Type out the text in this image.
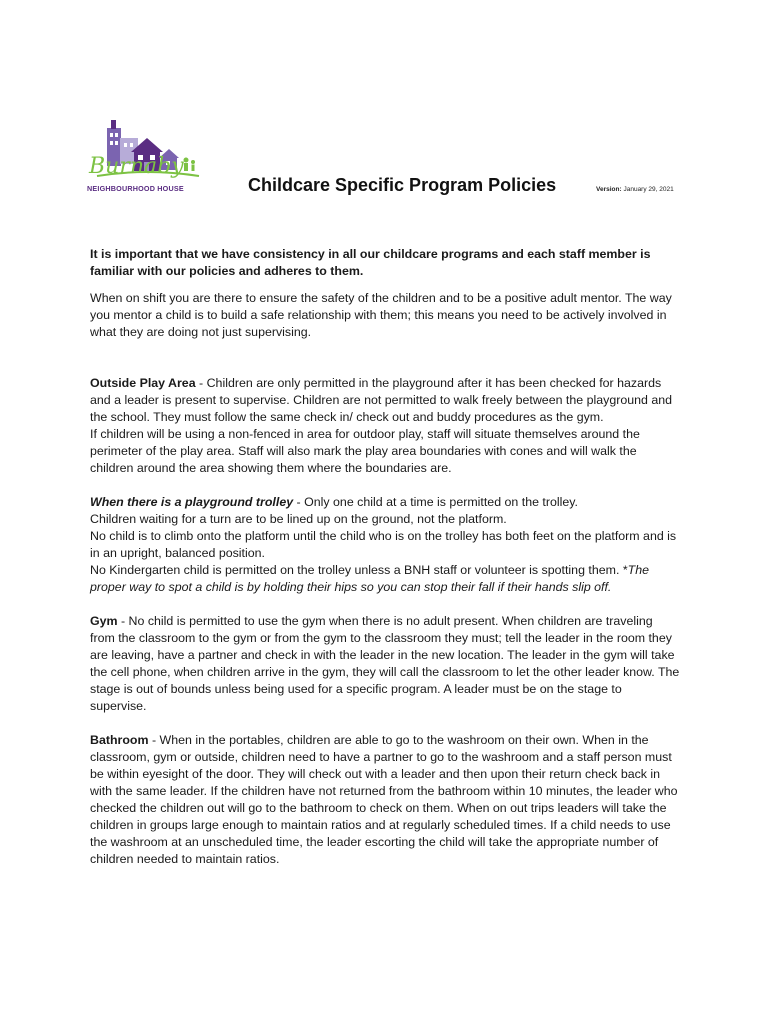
Burnaby
NEIGHBOURHOOD HOUSE	Childcare Specific Program Policies	Version: January 29, 2021

It is important that we have consistency in all our childcare programs and each staff member is familiar with our policies and adheres to them.

When on shift you are there to ensure the safety of the children and to be a positive adult mentor. The way you mentor a child is to build a safe relationship with them; this means you need to be actively involved in what they are doing not just supervising.

Outside Play Area - Children are only permitted in the playground after it has been checked for hazards and a leader is present to supervise. Children are not permitted to walk freely between the playground and the school. They must follow the same check in/ check out and buddy procedures as the gym.
If children will be using a non-fenced in area for outdoor play, staff will situate themselves around the perimeter of the play area. Staff will also mark the play area boundaries with cones and will walk the children around the area showing them where the boundaries are.

When there is a playground trolley - Only one child at a time is permitted on the trolley.
Children waiting for a turn are to be lined up on the ground, not the platform.
No child is to climb onto the platform until the child who is on the trolley has both feet on the platform and is in an upright, balanced position.
No Kindergarten child is permitted on the trolley unless a BNH staff or volunteer is spotting them. *The proper way to spot a child is by holding their hips so you can stop their fall if their hands slip off.

Gym - No child is permitted to use the gym when there is no adult present. When children are traveling from the classroom to the gym or from the gym to the classroom they must; tell the leader in the room they are leaving, have a partner and check in with the leader in the new location. The leader in the gym will take the cell phone, when children arrive in the gym, they will call the classroom to let the other leader know. The stage is out of bounds unless being used for a specific program. A leader must be on the stage to supervise.

Bathroom - When in the portables, children are able to go to the washroom on their own. When in the classroom, gym or outside, children need to have a partner to go to the washroom and a staff person must be within eyesight of the door. They will check out with a leader and then upon their return check back in with the same leader. If the children have not returned from the bathroom within 10 minutes, the leader who checked the children out will go to the bathroom to check on them. When on out trips leaders will take the children in groups large enough to maintain ratios and at regularly scheduled times. If a child needs to use the washroom at an unscheduled time, the leader escorting the child will take the appropriate number of children needed to maintain ratios.
